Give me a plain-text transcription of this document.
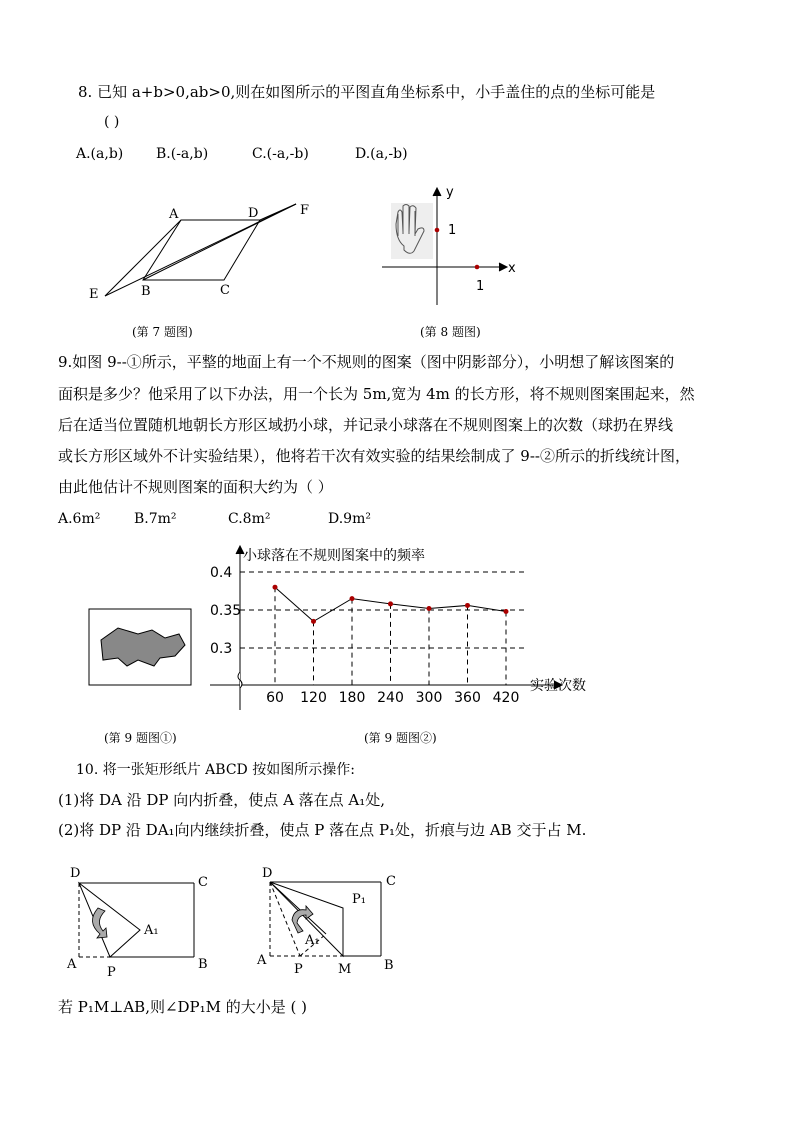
8. 已知 a+b>0,ab>0,则在如图所示的平图直角坐标系中，小手盖住的点的坐标可能是
( )
A.(a,b) B.(-a,b)	C.(-a,-b)	D.(a,-b)
A	D	F
E	B	C
(第 7 题图)
y
x
1
1
(第 8 题图)
9.如图 9--①所示，平整的地面上有一个不规则的图案（图中阴影部分），小明想了解该图案的
面积是多少？他采用了以下办法，用一个长为 5m,宽为 4m 的长方形，将不规则图案围起来，然
后在适当位置随机地朝长方形区域扔小球，并记录小球落在不规则图案上的次数（球扔在界线
或长方形区域外不计实验结果），他将若干次有效实验的结果绘制成了 9--②所示的折线统计图，
由此他估计不规则图案的面积大约为（ ）
A.6m² B.7m²	C.8m²	D.9m²
(第 9 题图①)
0.4
0.35
0.3
60 120 180 240 300 360 420
小球落在不规则图案中的频率
实验次数
(第 9 题图②)
10. 将一张矩形纸片 ABCD 按如图所示操作:
(1)将 DA 沿 DP 向内折叠，使点 A 落在点 A₁处,
(2)将 DP 沿 DA₁向内继续折叠，使点 P 落在点 P₁处，折痕与边 AB 交于占 M.
D
C
A	B
P
A₁
D
C
A	B
P	M
P₁
A₁
若 P₁M⊥AB,则∠DP₁M 的大小是 ( )
